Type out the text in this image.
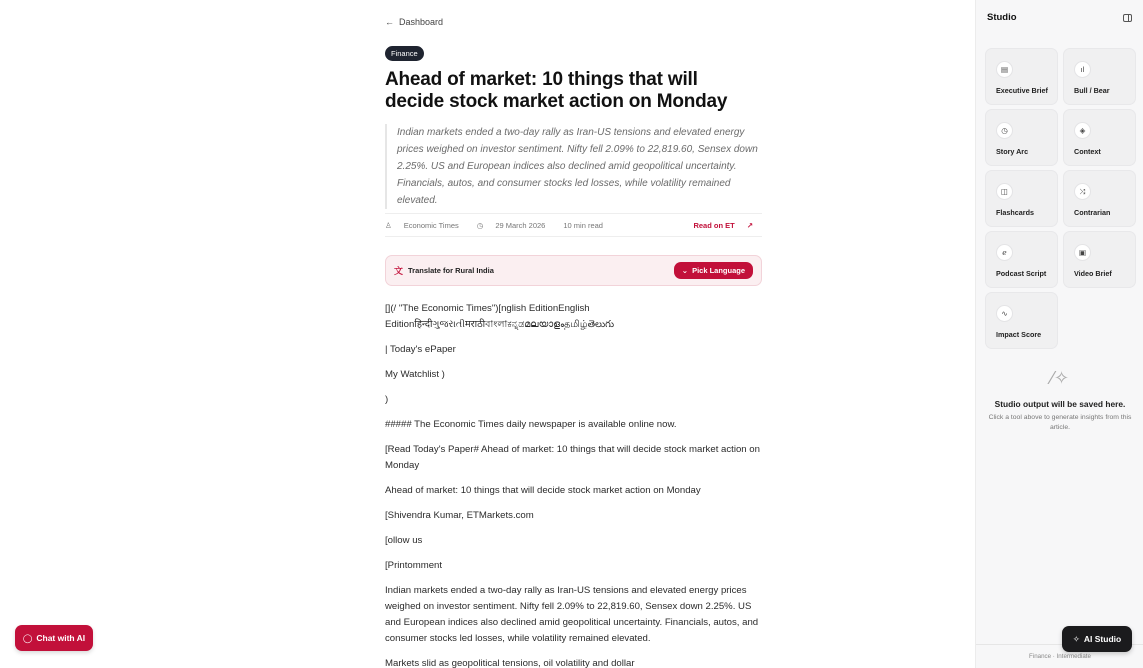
← Dashboard
Finance
Ahead of market: 10 things that will decide stock market action on Monday
Indian markets ended a two-day rally as Iran-US tensions and elevated energy prices weighed on investor sentiment. Nifty fell 2.09% to 22,819.60, Sensex down 2.25%. US and European indices also declined amid geopolitical uncertainty. Financials, autos, and consumer stocks led losses, while volatility remained elevated.
♙ Economic Times ◷ 29 March 2026 10 min read	Read on ET ↗
文 Translate for Rural India	⌄ Pick Language

[](/ "The Economic Times")[nglish EditionEnglish Editionहिन्दीગુજરાતીमराठीবাংলাಕನ್ನಡമലയാളംதமிழ்తెలుగు

| Today's ePaper

My Watchlist )

)

##### The Economic Times daily newspaper is available online now.

[Read Today's Paper# Ahead of market: 10 things that will decide stock market action on Monday

Ahead of market: 10 things that will decide stock market action on Monday

[Shivendra Kumar, ETMarkets.com

[ollow us

[Printomment

Indian markets ended a two-day rally as Iran-US tensions and elevated energy prices weighed on investor sentiment. Nifty fell 2.09% to 22,819.60, Sensex down 2.25%. US and European indices also declined amid geopolitical uncertainty. Financials, autos, and consumer stocks led losses, while volatility remained elevated.

Markets slid as geopolitical tensions, oil volatility and dollar

◯ Chat with AI
Studio
▤
Executive Brief
ıl
Bull / Bear
◷
Story Arc
◈
Context
◫
Flashcards
⤨
Contrarian
ℯ
Podcast Script
▣
Video Brief
∿
Impact Score
⁄✧
Studio output will be saved here.
Click a tool above to generate insights from this article.
Finance · Intermediate
✧ AI Studio
